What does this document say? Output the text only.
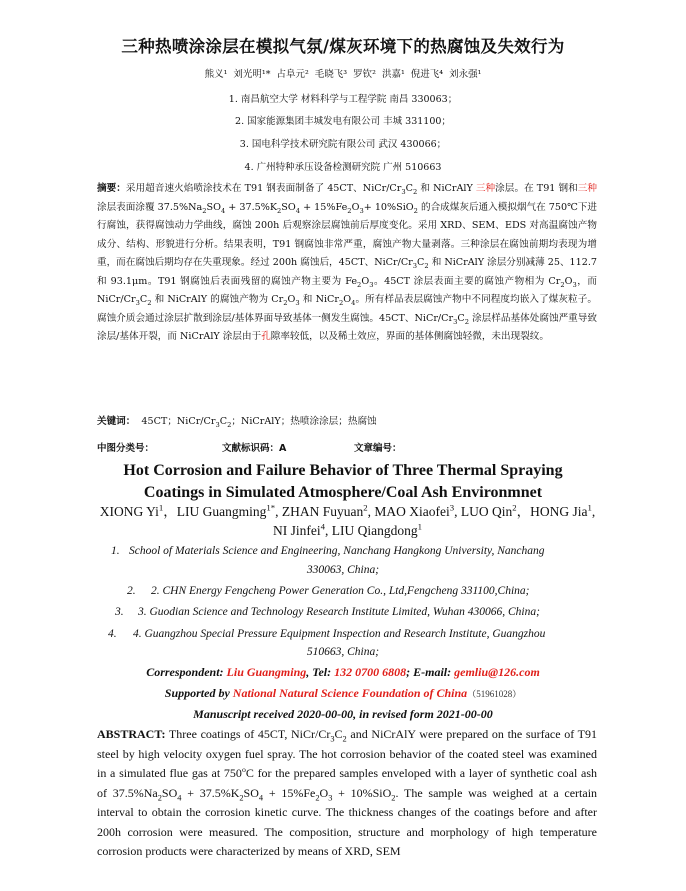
三种热喷涂涂层在模拟气氛/煤灰环境下的热腐蚀及失效行为
熊义¹ 刘光明¹* 占阜元² 毛晓飞³ 罗钦² 洪嘉¹ 倪进飞⁴ 刘永强¹
1. 南昌航空大学 材料科学与工程学院 南昌 330063；
2. 国家能源集团丰城发电有限公司 丰城 331100；
3. 国电科学技术研究院有限公司 武汉 430066；
4. 广州特种承压设备检测研究院 广州 510663
摘要：采用超音速火焰喷涂技术在 T91 钢表面制备了 45CT、NiCr/$Cr_3C_2$ 和 NiCrAlY 三种涂层。在 T91 钢和三种涂层表面涂覆 $37.5\%Na_2SO_4 + 37.5\%K_2SO_4 + 15\%Fe_2O_3+ 10\%SiO_2$ 的合成煤灰后通入模拟烟气在 750℃下进行腐蚀，获得腐蚀动力学曲线，腐蚀 200h 后观察涂层腐蚀前后厚度变化。采用 XRD、SEM、EDS 对高温腐蚀产物成分、结构、形貌进行分析。结果表明，T91 钢腐蚀非常严重，腐蚀产物大量剥落。三种涂层在腐蚀前期均表现为增重，而在腐蚀后期均存在失重现象。经过 200h 腐蚀后，45CT、NiCr/$Cr_3C_2$ 和 NiCrAlY 涂层分别减薄 25、112.7 和 93.1μm。T91 钢腐蚀后表面残留的腐蚀产物主要为 $Fe_2O_3$。45CT 涂层表面主要的腐蚀产物相为 $Cr_2O_3$，而 NiCr/$Cr_3C_2$ 和 NiCrAlY 的腐蚀产物为 $Cr_2O_3$ 和 $NiCr_2O_4$。所有样品表层腐蚀产物中不同程度均嵌入了煤灰粒子。腐蚀介质会通过涂层扩散到涂层/基体界面导致基体一侧发生腐蚀。45CT、NiCr/$Cr_3C_2$ 涂层样品基体处腐蚀严重导致涂层/基体开裂，而 NiCrAlY 涂层由于孔隙率较低，以及稀土效应，界面的基体侧腐蚀轻微，未出现裂纹。
关键词： 45CT；NiCr/$Cr_3C_2$；NiCrAlY；热喷涂涂层；热腐蚀
中图分类号：	文献标识码：A	文章编号：
Hot Corrosion and Failure Behavior of Three Thermal Spraying
Coatings in Simulated Atmosphere/Coal Ash Environmnet
XIONG Yi$^1$，LIU Guangming$^{1*}$, ZHAN Fuyuan$^2$, MAO Xiaofei$^3$, LUO Qin$^2$，HONG Jia$^1$, NI Jinfei$^4$, LIU Qiangdong$^1$
1. School of Materials Science and Engineering, Nanchang Hangkong University, Nanchang
330063, China;
2. 2. CHN Energy Fengcheng Power Generation Co., Ltd,Fengcheng 331100,China;
3. 3. Guodian Science and Technology Research Institute Limited, Wuhan 430066, China;
4. 4. Guangzhou Special Pressure Equipment Inspection and Research Institute, Guangzhou
510663, China;
Correspondent: Liu Guangming, Tel: 132 0700 6808; E-mail: gemliu@126.com
Supported by National Natural Science Foundation of China（51961028）
Manuscript received 2020-00-00, in revised form 2021-00-00
ABSTRACT: Three coatings of 45CT, NiCr/$Cr_3C_2$ and NiCrAlY were prepared on the surface of T91 steel by high velocity oxygen fuel spray. The hot corrosion behavior of the coated steel was examined in a simulated flue gas at 750$^o$C for the prepared samples enveloped with a layer of synthetic coal ash of $37.5\%Na_2SO_4 + 37.5\%K_2SO_4 + 15\%Fe_2O_3 + 10\%SiO_2$. The sample was weighed at a certain interval to obtain the corrosion kinetic curve. The thickness changes of the coatings before and after 200h corrosion were measured. The composition, structure and morphology of high temperature corrosion products were characterized by means of XRD, SEM
